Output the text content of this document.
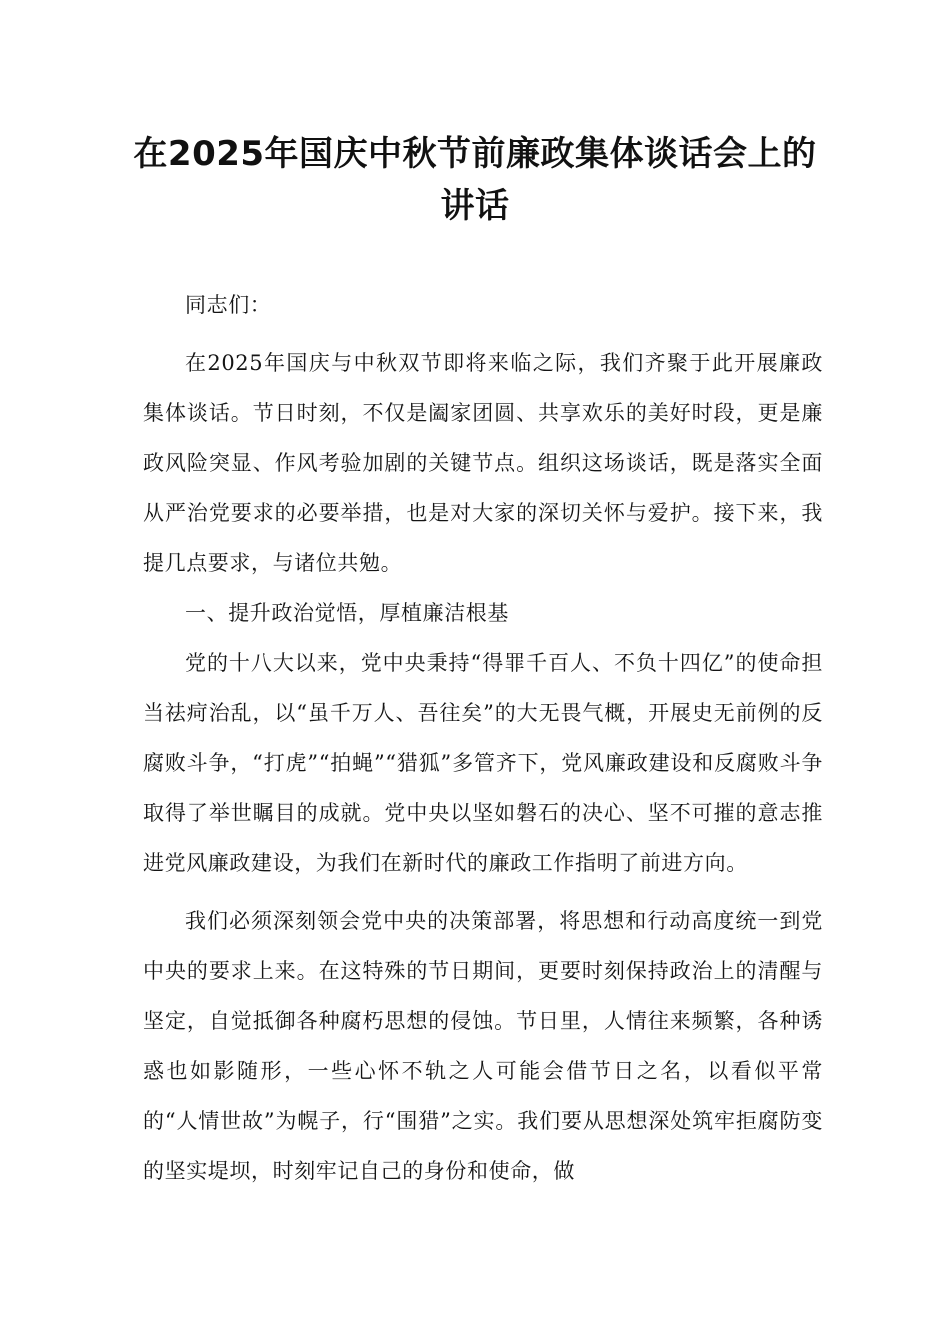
在2025年国庆中秋节前廉政集体谈话会上的讲话

同志们：

在2025年国庆与中秋双节即将来临之际，我们齐聚于此开展廉政集体谈话。节日时刻，不仅是阖家团圆、共享欢乐的美好时段，更是廉政风险突显、作风考验加剧的关键节点。组织这场谈话，既是落实全面从严治党要求的必要举措，也是对大家的深切关怀与爱护。接下来，我提几点要求，与诸位共勉。

一、提升政治觉悟，厚植廉洁根基

党的十八大以来，党中央秉持“得罪千百人、不负十四亿”的使命担当祛疴治乱，以“虽千万人、吾往矣”的大无畏气概，开展史无前例的反腐败斗争，“打虎”“拍蝇”“猎狐”多管齐下，党风廉政建设和反腐败斗争取得了举世瞩目的成就。党中央以坚如磐石的决心、坚不可摧的意志推进党风廉政建设，为我们在新时代的廉政工作指明了前进方向。

我们必须深刻领会党中央的决策部署，将思想和行动高度统一到党中央的要求上来。在这特殊的节日期间，更要时刻保持政治上的清醒与坚定，自觉抵御各种腐朽思想的侵蚀。节日里，人情往来频繁，各种诱惑也如影随形，一些心怀不轨之人可能会借节日之名，以看似平常的“人情世故”为幌子，行“围猎”之实。我们要从思想深处筑牢拒腐防变的坚实堤坝，时刻牢记自己的身份和使命，做
